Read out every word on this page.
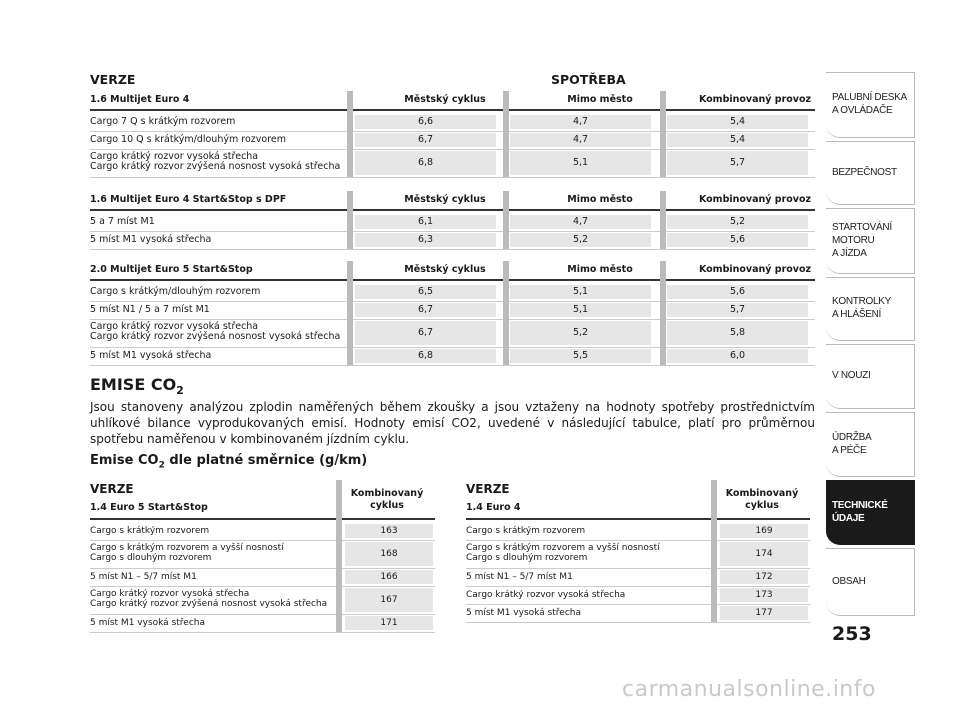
VERZE	SPOTŘEBA
1.6 Multijet Euro 4	Městský cyklus	Mimo město	Kombinovaný provoz
Cargo 7 Q s krátkým rozvorem	6,6	4,7	5,4
Cargo 10 Q s krátkým/dlouhým rozvorem	6,7	4,7	5,4
Cargo krátký rozvor vysoká střecha
Cargo krátký rozvor zvýšená nosnost vysoká střecha	6,8	5,1	5,7
1.6 Multijet Euro 4 Start&Stop s DPF	Městský cyklus	Mimo město	Kombinovaný provoz
5 a 7 míst M1	6,1	4,7	5,2
5 míst M1 vysoká střecha	6,3	5,2	5,6
2.0 Multijet Euro 5 Start&Stop	Městský cyklus	Mimo město	Kombinovaný provoz
Cargo s krátkým/dlouhým rozvorem	6,5	5,1	5,6
5 míst N1 / 5 a 7 míst M1	6,7	5,1	5,7
Cargo krátký rozvor vysoká střecha
Cargo krátký rozvor zvýšená nosnost vysoká střecha	6,7	5,2	5,8
5 míst M1 vysoká střecha	6,8	5,5	6,0
EMISE $CO_2$
Jsou stanoveny analýzou zplodin naměřených během zkoušky a jsou vztaženy na hodnoty spotřeby prostřednictvím uhlíkové bilance vyprodukovaných emisí. Hodnoty emisí CO2, uvedené v následující tabulce, platí pro průměrnou spotřebu naměřenou v kombinovaném jízdním cyklu.
Emise $CO_2$ dle platné směrnice (g/km)
VERZE
1.4 Euro 5 Start&Stop
Kombinovaný
cyklus
Cargo s krátkým rozvorem	163
Cargo s krátkým rozvorem a vyšší nosností
Cargo s dlouhým rozvorem	168
5 míst N1 – 5/7 míst M1	166
Cargo krátký rozvor vysoká střecha
Cargo krátký rozvor zvýšená nosnost vysoká střecha	167
5 míst M1 vysoká střecha	171
VERZE
1.4 Euro 4
Kombinovaný
cyklus
Cargo s krátkým rozvorem	169
Cargo s krátkým rozvorem a vyšší nosností
Cargo s dlouhým rozvorem	174
5 míst N1 – 5/7 míst M1	172
Cargo krátký rozvor vysoká střecha	173
5 míst M1 vysoká střecha	177
PALUBNÍ DESKA
A OVLÁDAČE
BEZPEČNOST
STARTOVÁNÍ
MOTORU
A JÍZDA
KONTROLKY
A HLÁŠENÍ
V NOUZI
ÚDRŽBA
A PÉČE
TECHNICKÉ
ÚDAJE
OBSAH
253
carmanualsonline.info
